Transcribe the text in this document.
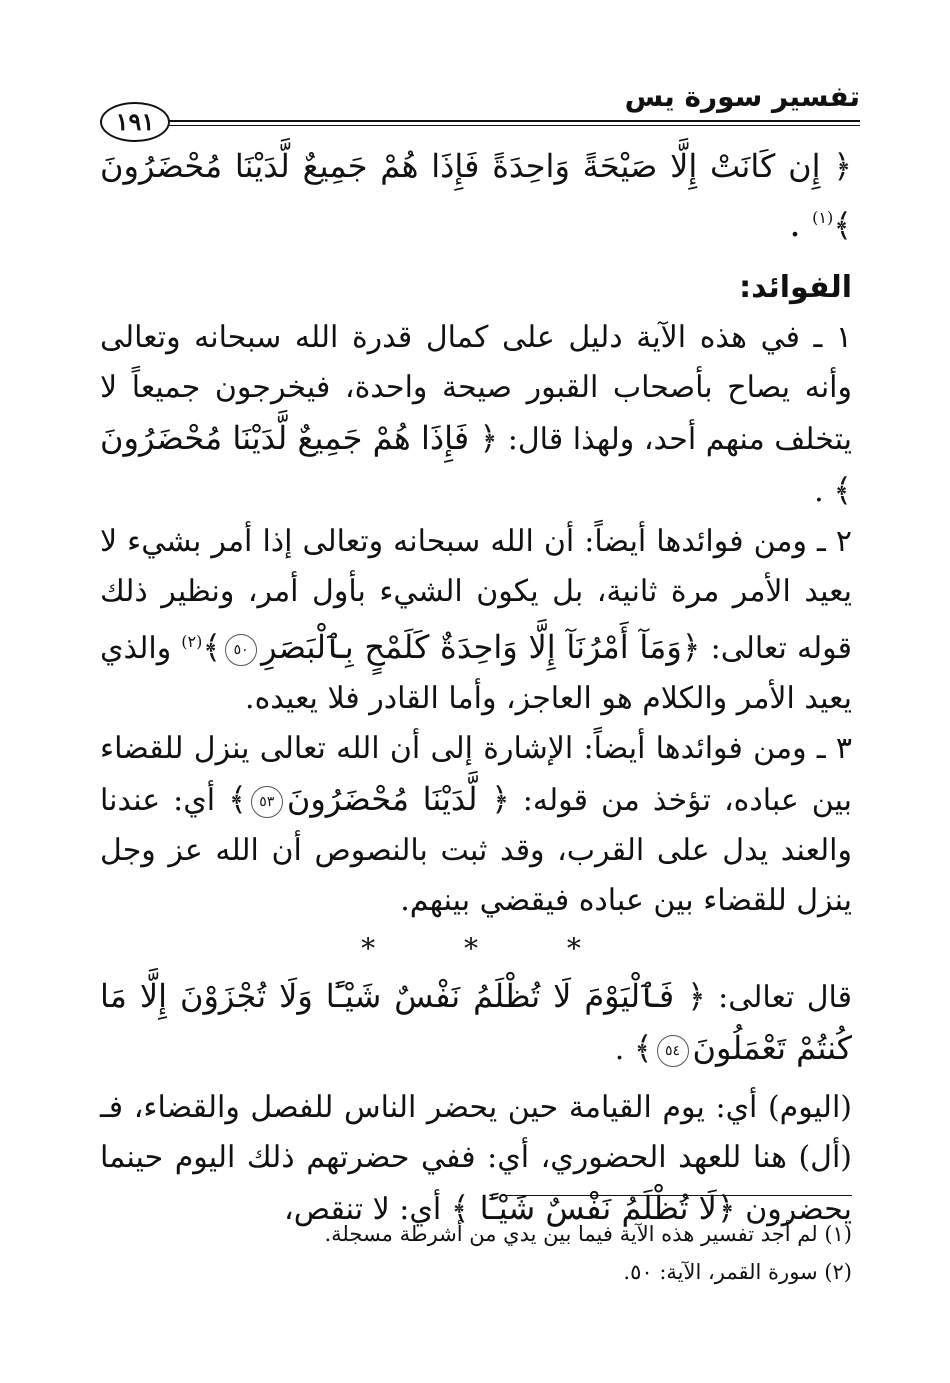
تفسير سورة يس
١٩١

﴿ إِن كَانَتْ إِلَّا صَيْحَةً وَاحِدَةً فَإِذَا هُمْ جَمِيعٌ لَّدَيْنَا مُحْضَرُونَ ﴾$^{(١)}$ .

الفوائد:

١ ـ في هذه الآية دليل على كمال قدرة الله سبحانه وتعالى وأنه يصاح بأصحاب القبور صيحة واحدة، فيخرجون جميعاً لا يتخلف منهم أحد، ولهذا قال: ﴿ فَإِذَا هُمْ جَمِيعٌ لَّدَيْنَا مُحْضَرُونَ ﴾ .

٢ ـ ومن فوائدها أيضاً: أن الله سبحانه وتعالى إذا أمر بشيء لا يعيد الأمر مرة ثانية، بل يكون الشيء بأول أمر، ونظير ذلك قوله تعالى: ﴿وَمَآ أَمْرُنَآ إِلَّا وَاحِدَةٌ كَلَمْحٍ بِٱلْبَصَرِ٥٠﴾$^{(٢)}$ والذي يعيد الأمر والكلام هو العاجز، وأما القادر فلا يعيده.

٣ ـ ومن فوائدها أيضاً: الإشارة إلى أن الله تعالى ينزل للقضاء بين عباده، تؤخذ من قوله: ﴿ لَّدَيْنَا مُحْضَرُونَ٥٣﴾ أي: عندنا والعند يدل على القرب، وقد ثبت بالنصوص أن الله عز وجل ينزل للقضاء بين عباده فيقضي بينهم.

* * *

قال تعالى: ﴿ فَٱلْيَوْمَ لَا تُظْلَمُ نَفْسٌ شَيْـًٔا وَلَا تُجْزَوْنَ إِلَّا مَا كُنتُمْ تَعْمَلُونَ٥٤﴾ .

(اليوم) أي: يوم القيامة حين يحضر الناس للفصل والقضاء، فـ (أل) هنا للعهد الحضوري، أي: ففي حضرتهم ذلك اليوم حينما يحضرون ﴿لَا تُظْلَمُ نَفْسٌ شَيْـًٔا ﴾ أي: لا تنقص،

(١) لم أجد تفسير هذه الآية فيما بين يدي من أشرطة مسجلة.

(٢) سورة القمر، الآية: ٥٠.
